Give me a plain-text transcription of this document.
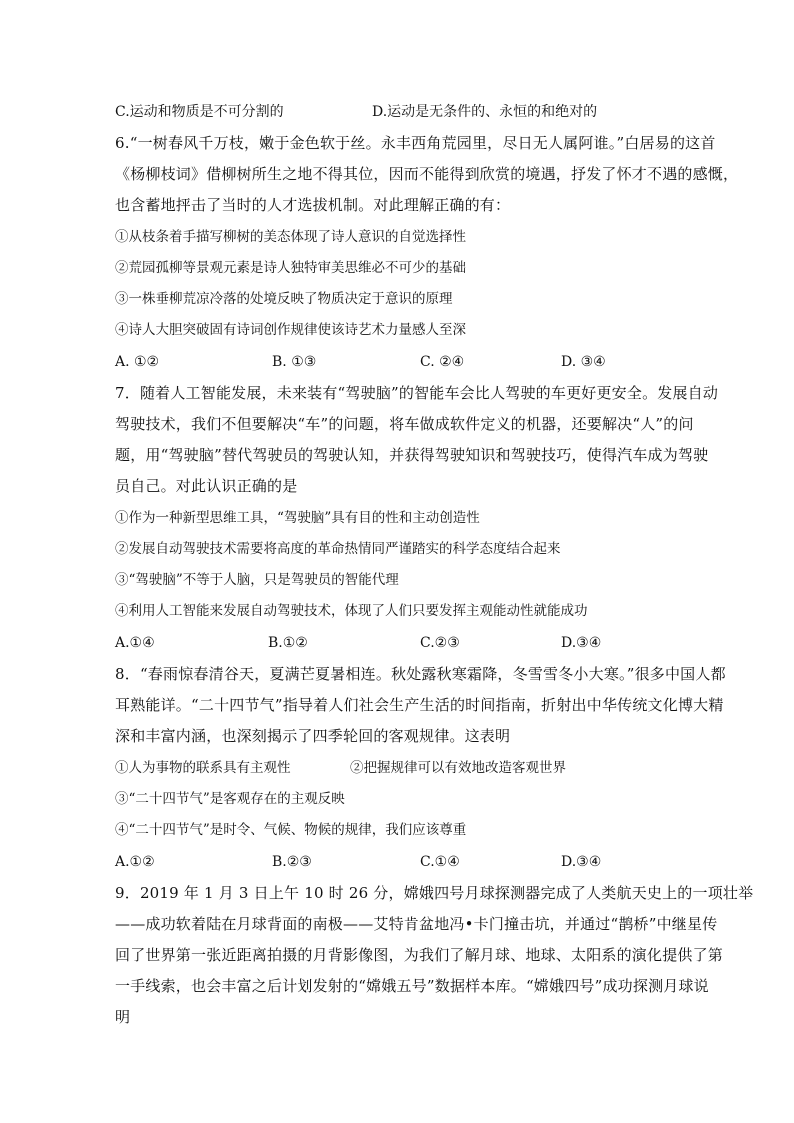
C.运动和物质是不可分割的	D.运动是无条件的、永恒的和绝对的
6.“一树春风千万枝，嫩于金色软于丝。永丰西角荒园里，尽日无人属阿谁。”白居易的这首
《杨柳枝词》借柳树所生之地不得其位，因而不能得到欣赏的境遇，抒发了怀才不遇的感慨，
也含蓄地抨击了当时的人才选拔机制。对此理解正确的有：
①从枝条着手描写柳树的美态体现了诗人意识的自觉选择性
②荒园孤柳等景观元素是诗人独特审美思维必不可少的基础
③一株垂柳荒凉冷落的处境反映了物质决定于意识的原理
④诗人大胆突破固有诗词创作规律使该诗艺术力量感人至深
A. ①②	B. ①③	C. ②④	D. ③④
7．随着人工智能发展，未来装有“驾驶脑”的智能车会比人驾驶的车更好更安全。发展自动
驾驶技术，我们不但要解决“车”的问题，将车做成软件定义的机器，还要解决“人”的问
题，用“驾驶脑”替代驾驶员的驾驶认知，并获得驾驶知识和驾驶技巧，使得汽车成为驾驶
员自己。对此认识正确的是
①作为一种新型思维工具，“驾驶脑”具有目的性和主动创造性
②发展自动驾驶技术需要将高度的革命热情同严谨踏实的科学态度结合起来
③“驾驶脑”不等于人脑，只是驾驶员的智能代理
④利用人工智能来发展自动驾驶技术，体现了人们只要发挥主观能动性就能成功
A.①④	B.①②	C.②③	D.③④
8．“春雨惊春清谷天，夏满芒夏暑相连。秋处露秋寒霜降，冬雪雪冬小大寒。”很多中国人都
耳熟能详。“二十四节气”指导着人们社会生产生活的时间指南，折射出中华传统文化博大精
深和丰富内涵，也深刻揭示了四季轮回的客观规律。这表明
①人为事物的联系具有主观性	②把握规律可以有效地改造客观世界
③“二十四节气”是客观存在的主观反映
④“二十四节气”是时令、气候、物候的规律，我们应该尊重
A.①②	B.②③	C.①④	D.③④
9．2019 年 1 月 3 日上午 10 时 26 分，嫦娥四号月球探测器完成了人类航天史上的一项壮举
——成功软着陆在月球背面的南极——艾特肯盆地冯•卡门撞击坑，并通过“鹊桥”中继星传
回了世界第一张近距离拍摄的月背影像图，为我们了解月球、地球、太阳系的演化提供了第
一手线索，也会丰富之后计划发射的“嫦娥五号”数据样本库。“嫦娥四号”成功探测月球说
明
